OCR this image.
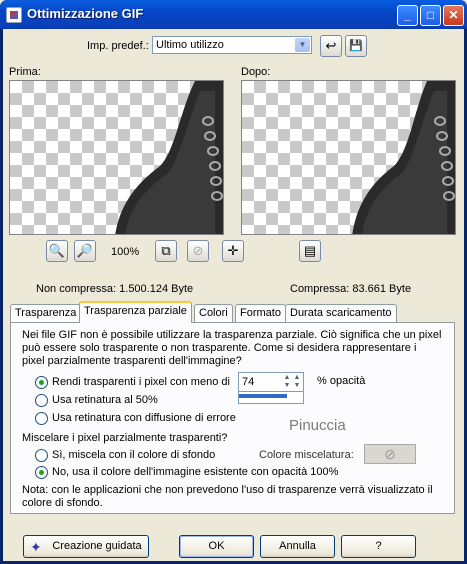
Ottimizzazione GIF	_	□	✕
Imp. predef.: Ultimo utilizzo	▼	↩	💾
Prima:	Dopo:
🔍 🔎 100%	⧉	⊘	✛	▤
Non compressa: 1.500.124 Byte	Compressa: 83.661 Byte
Trasparenza Trasparenza parziale	Colori	Formato Durata scaricamento
Nei file GIF non è possibile utilizzare la trasparenza parziale. Ciò significa che un pixel può essere solo trasparente o non trasparente. Come si desidera rappresentare i pixel parzialmente trasparenti dell'immagine?
Rendi trasparenti i pixel con meno di
Usa retinatura al 50%
Usa retinatura con diffusione di errore
74	▲
▼
▲
▼ % opacità
Miscelare i pixel parzialmente trasparenti?
Sì, miscela con il colore di sfondo
No, usa il colore dell'immagine esistente con opacità 100%
Colore miscelatura:	⊘
Pinuccia
Nota: con le applicazioni che non prevedono l'uso di trasparenze verrà visualizzato il colore di sfondo.
✦ Creazione guidata	OK	Annulla	?
